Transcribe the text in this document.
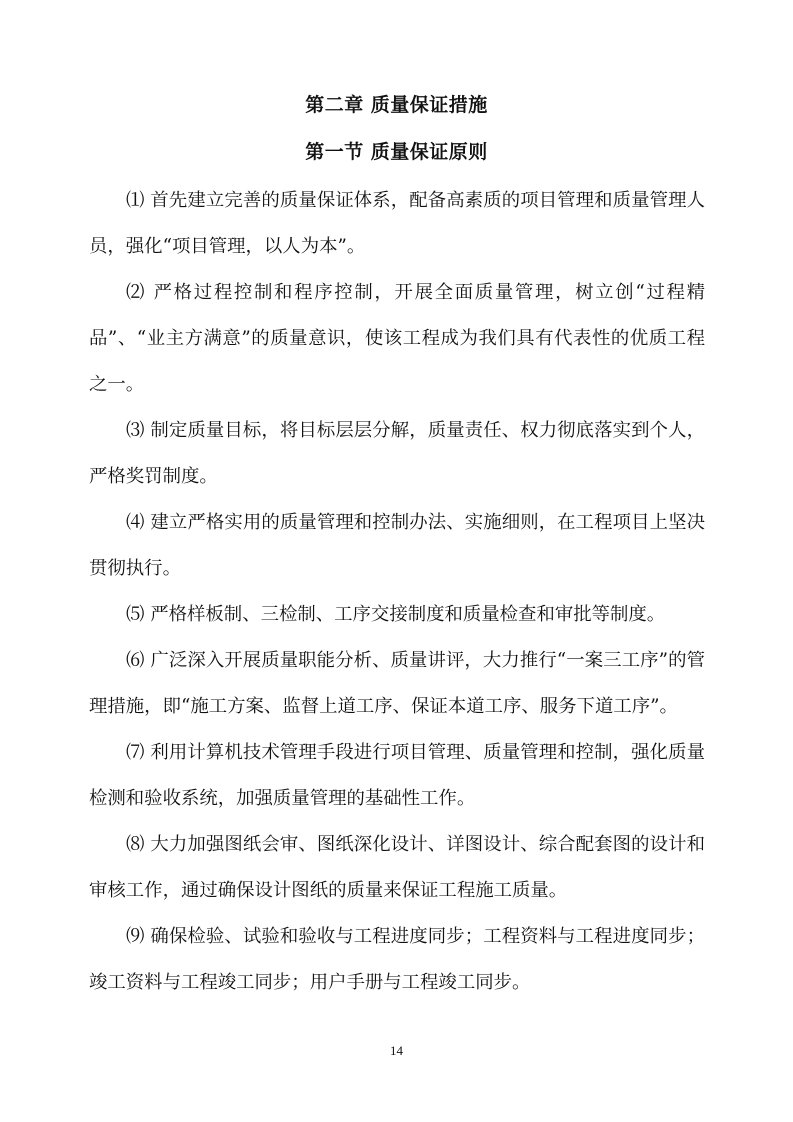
第二章 质量保证措施
第一节 质量保证原则

⑴ 首先建立完善的质量保证体系，配备高素质的项目管理和质量管理人员，强化“项目管理，以人为本”。

⑵ 严格过程控制和程序控制，开展全面质量管理，树立创“过程精品”、“业主方满意”的质量意识，使该工程成为我们具有代表性的优质工程之一。

⑶ 制定质量目标，将目标层层分解，质量责任、权力彻底落实到个人，严格奖罚制度。

⑷ 建立严格实用的质量管理和控制办法、实施细则，在工程项目上坚决贯彻执行。

⑸ 严格样板制、三检制、工序交接制度和质量检查和审批等制度。

⑹ 广泛深入开展质量职能分析、质量讲评，大力推行“一案三工序”的管理措施，即“施工方案、监督上道工序、保证本道工序、服务下道工序”。

⑺ 利用计算机技术管理手段进行项目管理、质量管理和控制，强化质量检测和验收系统，加强质量管理的基础性工作。

⑻ 大力加强图纸会审、图纸深化设计、详图设计、综合配套图的设计和审核工作，通过确保设计图纸的质量来保证工程施工质量。

⑼ 确保检验、试验和验收与工程进度同步；工程资料与工程进度同步；竣工资料与工程竣工同步；用户手册与工程竣工同步。

14
